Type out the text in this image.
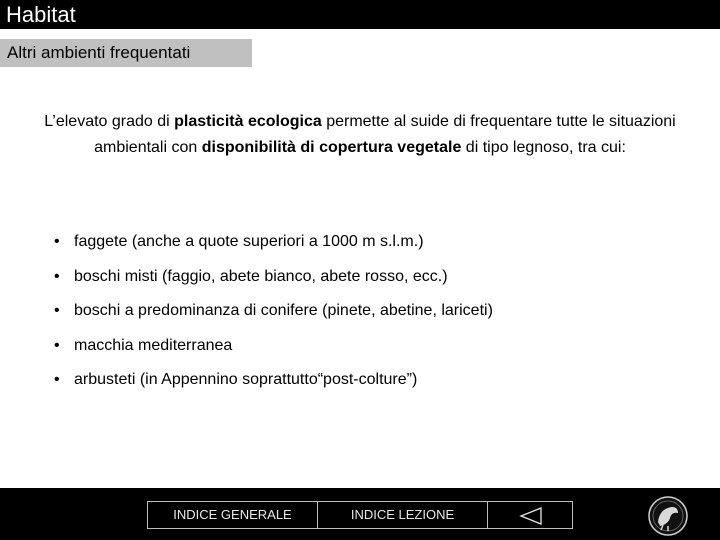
Habitat
Altri ambienti frequentati
L’elevato grado di plasticità ecologica permette al suide di frequentare tutte le situazioni ambientali con disponibilità di copertura vegetale di tipo legnoso, tra cui:
• faggete (anche a quote superiori a 1000 m s.l.m.)
• boschi misti (faggio, abete bianco, abete rosso, ecc.)
• boschi a predominanza di conifere (pinete, abetine, lariceti)
• macchia mediterranea
• arbusteti (in Appennino soprattutto“post-colture”)
INDICE GENERALE	INDICE LEZIONE
